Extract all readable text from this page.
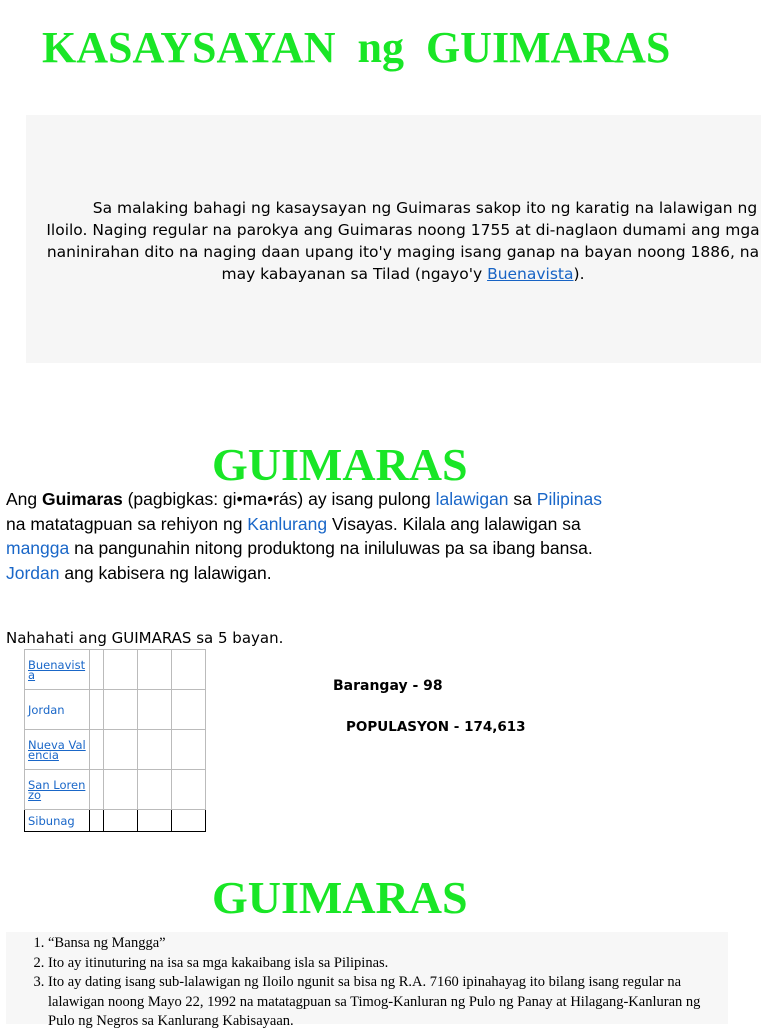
KASAYSAYAN  ng  GUIMARAS

Sa malaking bahagi ng kasaysayan ng Guimaras sakop ito ng karatig na lalawigan ng Iloilo. Naging regular na parokya ang Guimaras noong 1755 at di-naglaon dumami ang mga naninirahan dito na naging daan upang ito'y maging isang ganap na bayan noong 1886, na may kabayanan sa Tilad (ngayo'y Buenavista).

GUIMARAS

Ang Guimaras (pagbigkas: gi•ma•rás) ay isang pulong lalawigan sa Pilipinas
na matatagpuan sa rehiyon ng Kanlurang Visayas. Kilala ang lalawigan sa
mangga na pangunahin nitong produktong na iniluluwas pa sa ibang bansa.
Jordan ang kabisera ng lalawigan.

Nahahati ang GUIMARAS sa 5 bayan.

Buenavista				
Jordan				
Nueva Valencia				
San Lorenzo				
Sibunag				

Barangay - 98

POPULASYON - 174,613

GUIMARAS
1. “Bansa ng Mangga”
2. Ito ay itinuturing na isa sa mga kakaibang isla sa Pilipinas.
3. Ito ay dating isang sub-lalawigan ng Iloilo ngunit sa bisa ng R.A. 7160 ipinahayag ito bilang isang regular na lalawigan noong Mayo 22, 1992 na matatagpuan sa Timog-Kanluran ng Pulo ng Panay at Hilagang-Kanluran ng Pulo ng Negros sa Kanlurang Kabisayaan.
